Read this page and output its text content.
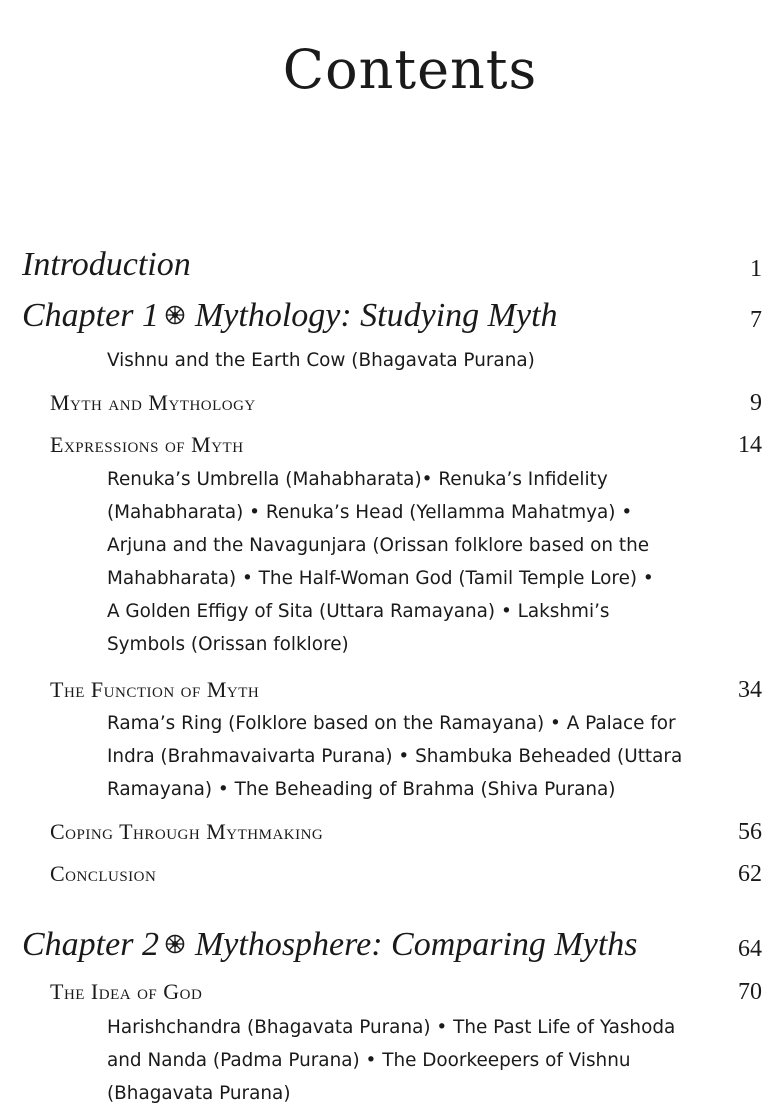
Contents
Introduction	1
Chapter 1 Mythology: Studying Myth	7
Vishnu and the Earth Cow (Bhagavata Purana)
Myth and Mythology	9
Expressions of Myth	14
Renuka’s Umbrella (Mahabharata)• Renuka’s Infidelity
(Mahabharata) • Renuka’s Head (Yellamma Mahatmya) •
Arjuna and the Navagunjara (Orissan folklore based on the
Mahabharata) • The Half-Woman God (Tamil Temple Lore) •
A Golden Effigy of Sita (Uttara Ramayana) • Lakshmi’s
Symbols (Orissan folklore)
The Function of Myth	34
Rama’s Ring (Folklore based on the Ramayana) • A Palace for
Indra (Brahmavaivarta Purana) • Shambuka Beheaded (Uttara
Ramayana) • The Beheading of Brahma (Shiva Purana)
Coping Through Mythmaking	56
Conclusion	62
Chapter 2 Mythosphere: Comparing Myths	64
The Idea of God	70
Harishchandra (Bhagavata Purana) • The Past Life of Yashoda
and Nanda (Padma Purana) • The Doorkeepers of Vishnu
(Bhagavata Purana)
